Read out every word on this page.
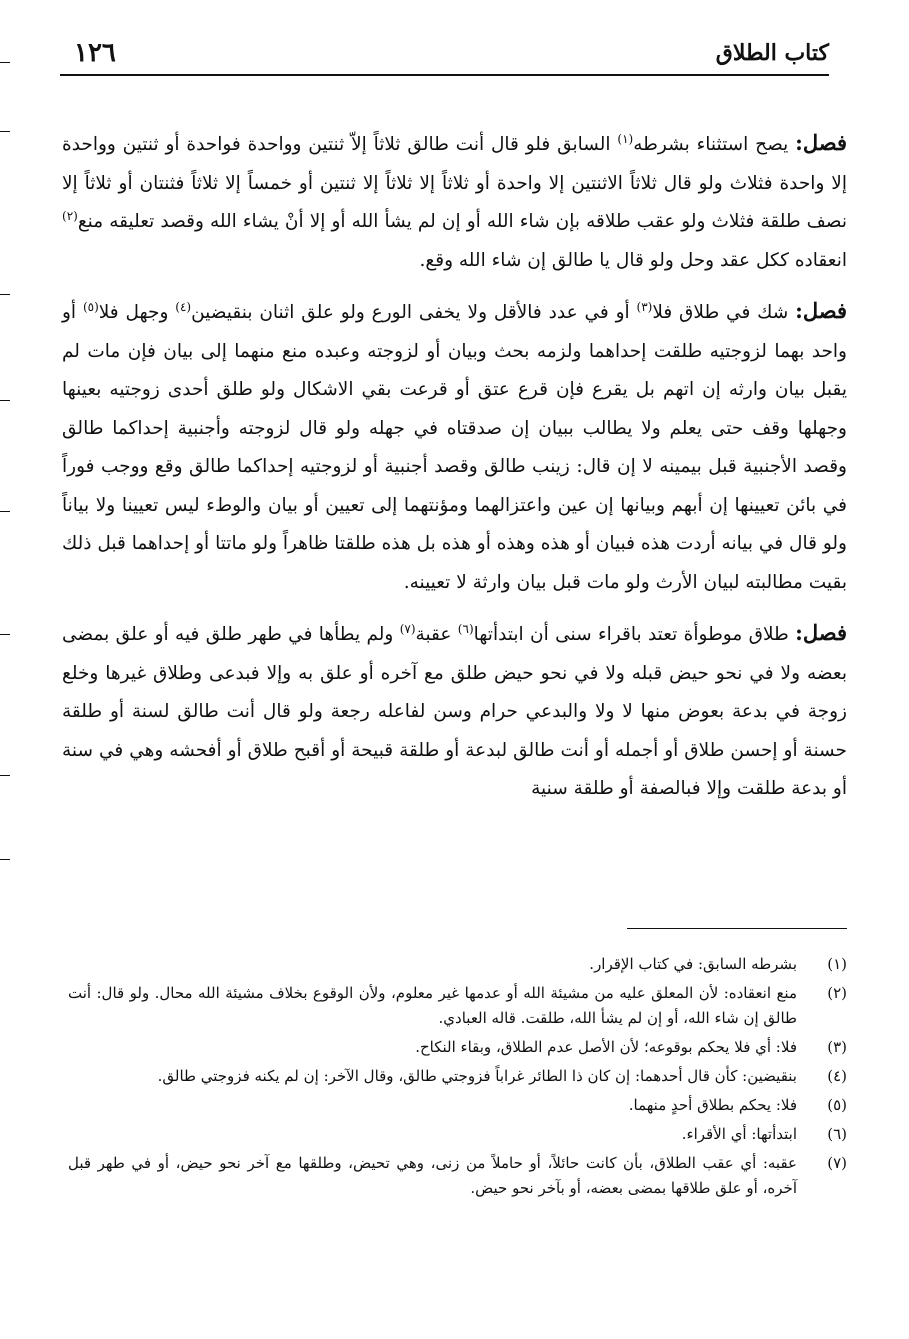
١٢٦	كتاب الطلاق

فصل: يصح استثناء بشرطه$^{(١)}$ السابق فلو قال أنت طالق ثلاثاً إلاّ ثنتين وواحدة فواحدة أو ثنتين وواحدة إلا واحدة فثلاث ولو قال ثلاثاً الاثنتين إلا واحدة أو ثلاثاً إلا ثلاثاً إلا ثنتين أو خمساً إلا ثلاثاً فثنتان أو ثلاثاً إلا نصف طلقة فثلاث ولو عقب طلاقه بإن شاء الله أو إن لم يشأ الله أو إلا أنْ يشاء الله وقصد تعليقه منع$^{(٢)}$ انعقاده ككل عقد وحل ولو قال يا طالق إن شاء الله وقع.

فصل: شك في طلاق فلا$^{(٣)}$ أو في عدد فالأقل ولا يخفى الورع ولو علق اثنان بنقيضين$^{(٤)}$ وجهل فلا$^{(٥)}$ أو واحد بهما لزوجتيه طلقت إحداهما ولزمه بحث وبيان أو لزوجته وعبده منع منهما إلى بيان فإن مات لم يقبل بيان وارثه إن اتهم بل يقرع فإن قرع عتق أو قرعت بقي الاشكال ولو طلق أحدى زوجتيه بعينها وجهلها وقف حتى يعلم ولا يطالب ببيان إن صدقتاه في جهله ولو قال لزوجته وأجنبية إحداكما طالق وقصد الأجنبية قبل بيمينه لا إن قال: زينب طالق وقصد أجنبية أو لزوجتيه إحداكما طالق وقع ووجب فوراً في بائن تعيينها إن أبهم وبيانها إن عين واعتزالهما ومؤنتهما إلى تعيين أو بيان والوطء ليس تعيينا ولا بياناً ولو قال في بيانه أردت هذه فبيان أو هذه وهذه أو هذه بل هذه طلقتا ظاهراً ولو ماتتا أو إحداهما قبل ذلك بقيت مطالبته لبيان الأرث ولو مات قبل بيان وارثة لا تعيينه.

فصل: طلاق موطوأة تعتد باقراء سنى أن ابتدأتها$^{(٦)}$ عقبة$^{(٧)}$ ولم يطأها في طهر طلق فيه أو علق بمضى بعضه ولا في نحو حيض قبله ولا في نحو حيض طلق مع آخره أو علق به وإلا فبدعى وطلاق غيرها وخلع زوجة في بدعة بعوض منها لا ولا والبدعي حرام وسن لفاعله رجعة ولو قال أنت طالق لسنة أو طلقة حسنة أو إحسن طلاق أو أجمله أو أنت طالق لبدعة أو طلقة قبيحة أو أقبح طلاق أو أفحشه وهي في سنة أو بدعة طلقت وإلا فبالصفة أو طلقة سنية

(١)
بشرطه السابق: في كتاب الإقرار.
(٢)
منع انعقاده: لأن المعلق عليه من مشيئة الله أو عدمها غير معلوم، ولأن الوقوع بخلاف مشيئة الله محال. ولو قال: أنت طالق إن شاء الله، أو إن لم يشأ الله، طلقت. قاله العبادي.
(٣)
فلا: أي فلا يحكم بوقوعه؛ لأن الأصل عدم الطلاق، وبقاء النكاح.
(٤)
بنقيضين: كأن قال أحدهما: إن كان ذا الطائر غراباً فزوجتي طالق، وقال الآخر: إن لم يكنه فزوجتي طالق.
(٥)
فلا: يحكم بطلاق أحدٍ منهما.
(٦)
ابتدأتها: أي الأقراء.
(٧)
عقبه: أي عقب الطلاق، بأن كانت حائلاً، أو حاملاً من زنى، وهي تحيض، وطلقها مع آخر نحو حيض، أو في طهر قبل آخره، أو علق طلاقها بمضى بعضه، أو بآخر نحو حيض.
